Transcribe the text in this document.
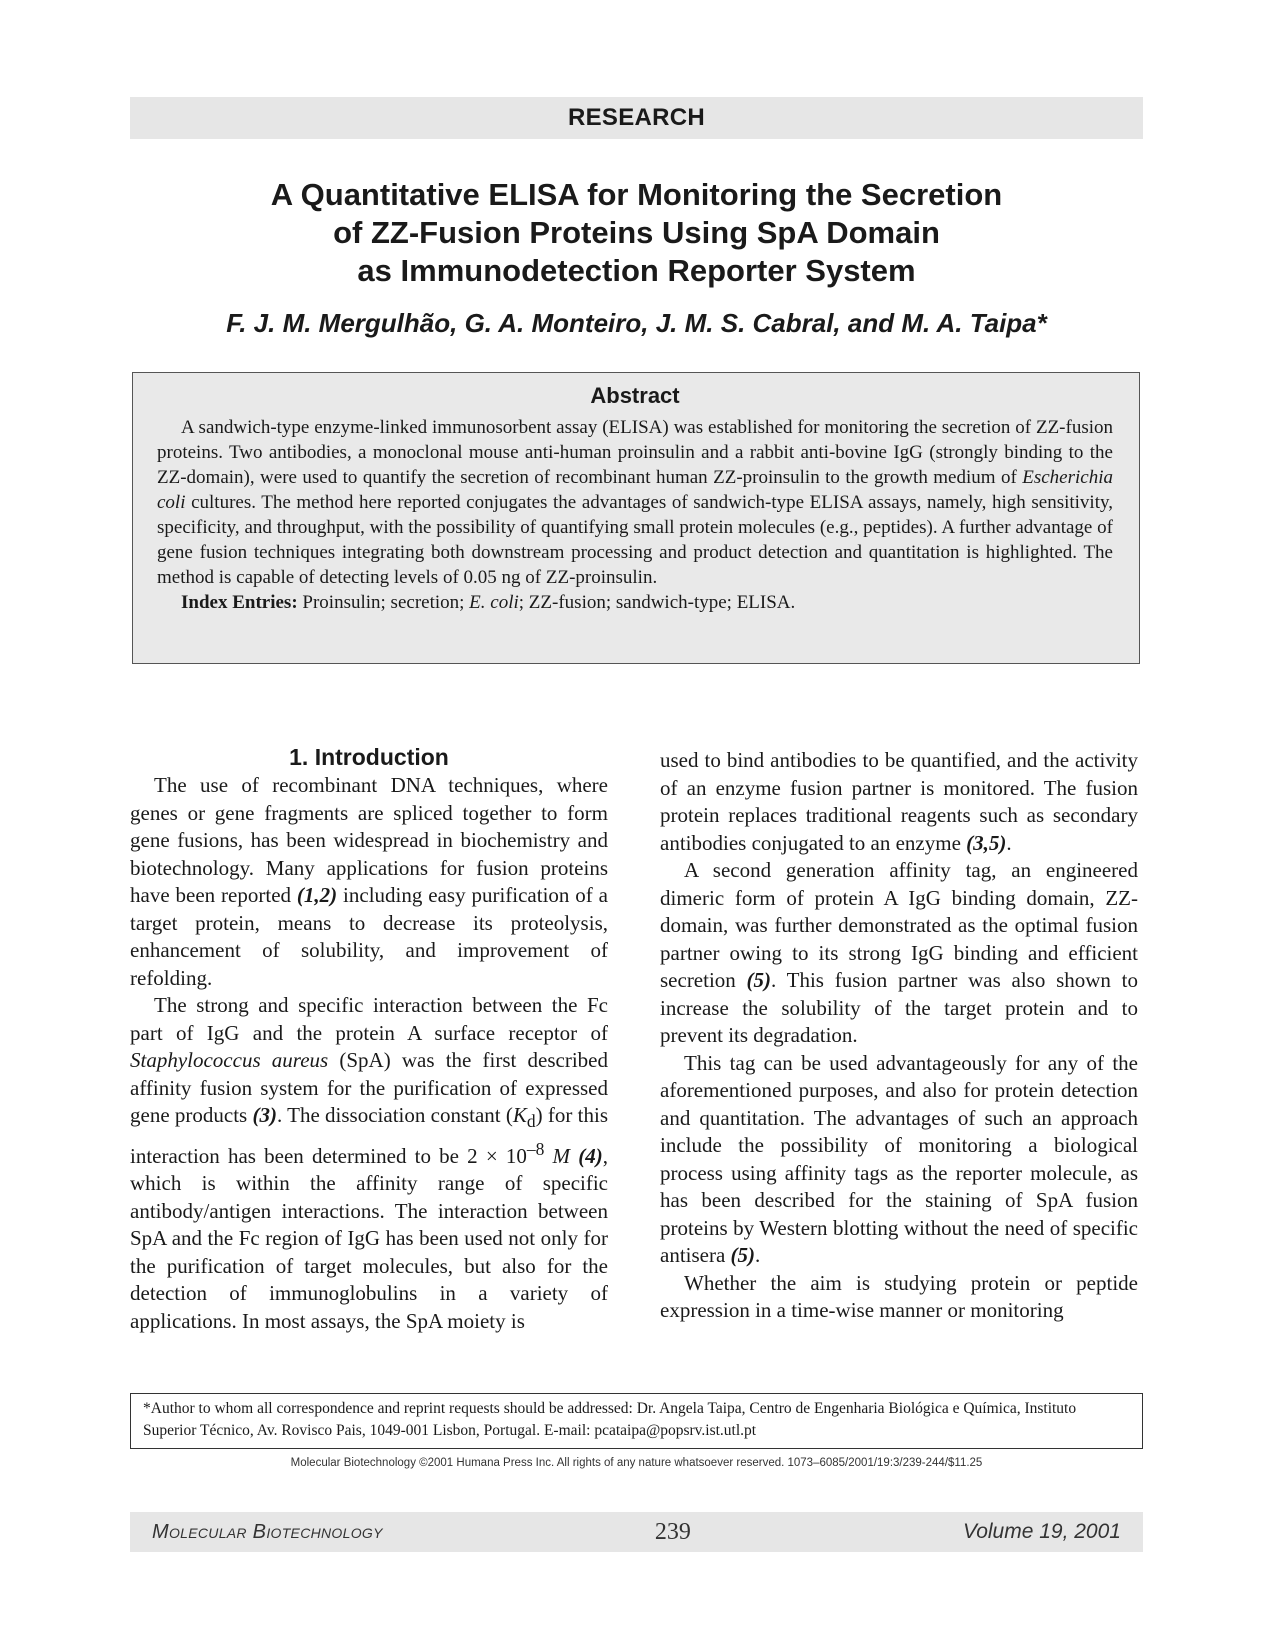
RESEARCH
A Quantitative ELISA for Monitoring the Secretion
of ZZ-Fusion Proteins Using SpA Domain
as Immunodetection Reporter System
F. J. M. Mergulhão, G. A. Monteiro, J. M. S. Cabral, and M. A. Taipa*
Abstract

A sandwich-type enzyme-linked immunosorbent assay (ELISA) was established for monitoring the secretion of ZZ-fusion proteins. Two antibodies, a monoclonal mouse anti-human proinsulin and a rabbit anti-bovine IgG (strongly binding to the ZZ-domain), were used to quantify the secretion of recombinant human ZZ-proinsulin to the growth medium of Escherichia coli cultures. The method here reported conjugates the advantages of sandwich-type ELISA assays, namely, high sensitivity, specificity, and throughput, with the possibility of quantifying small protein molecules (e.g., peptides). A further advantage of gene fusion techniques integrating both downstream processing and product detection and quantitation is highlighted. The method is capable of detecting levels of 0.05 ng of ZZ-proinsulin.

Index Entries: Proinsulin; secretion; E. coli; ZZ-fusion; sandwich-type; ELISA.

1. Introduction

The use of recombinant DNA techniques, where genes or gene fragments are spliced together to form gene fusions, has been widespread in biochemistry and biotechnology. Many applications for fusion proteins have been reported (1,2) including easy purification of a target protein, means to decrease its proteolysis, enhancement of solubility, and improvement of refolding.

The strong and specific interaction between the Fc part of IgG and the protein A surface receptor of Staphylococcus aureus (SpA) was the first described affinity fusion system for the purification of expressed gene products (3). The dissociation constant $(K_d)$ for this interaction has been determined to be $2 \times 10^{-8}$ M (4), which is within the affinity range of specific antibody/antigen interactions. The interaction between SpA and the Fc region of IgG has been used not only for the purification of target molecules, but also for the detection of immunoglobulins in a variety of applications. In most assays, the SpA moiety is

used to bind antibodies to be quantified, and the activity of an enzyme fusion partner is monitored. The fusion protein replaces traditional reagents such as secondary antibodies conjugated to an enzyme (3,5).

A second generation affinity tag, an engineered dimeric form of protein A IgG binding domain, ZZ-domain, was further demonstrated as the optimal fusion partner owing to its strong IgG binding and efficient secretion (5). This fusion partner was also shown to increase the solubility of the target protein and to prevent its degradation.

This tag can be used advantageously for any of the aforementioned purposes, and also for protein detection and quantitation. The advantages of such an approach include the possibility of monitoring a biological process using affinity tags as the reporter molecule, as has been described for the staining of SpA fusion proteins by Western blotting without the need of specific antisera (5).

Whether the aim is studying protein or peptide expression in a time-wise manner or monitoring

*Author to whom all correspondence and reprint requests should be addressed: Dr. Angela Taipa, Centro de Engenharia Biológica e Química, Instituto Superior Técnico, Av. Rovisco Pais, 1049-001 Lisbon, Portugal. E-mail: pcataipa@popsrv.ist.utl.pt
Molecular Biotechnology ©2001 Humana Press Inc. All rights of any nature whatsoever reserved. 1073–6085/2001/19:3/239-244/$11.25
Molecular Biotechnology	239	Volume 19, 2001
